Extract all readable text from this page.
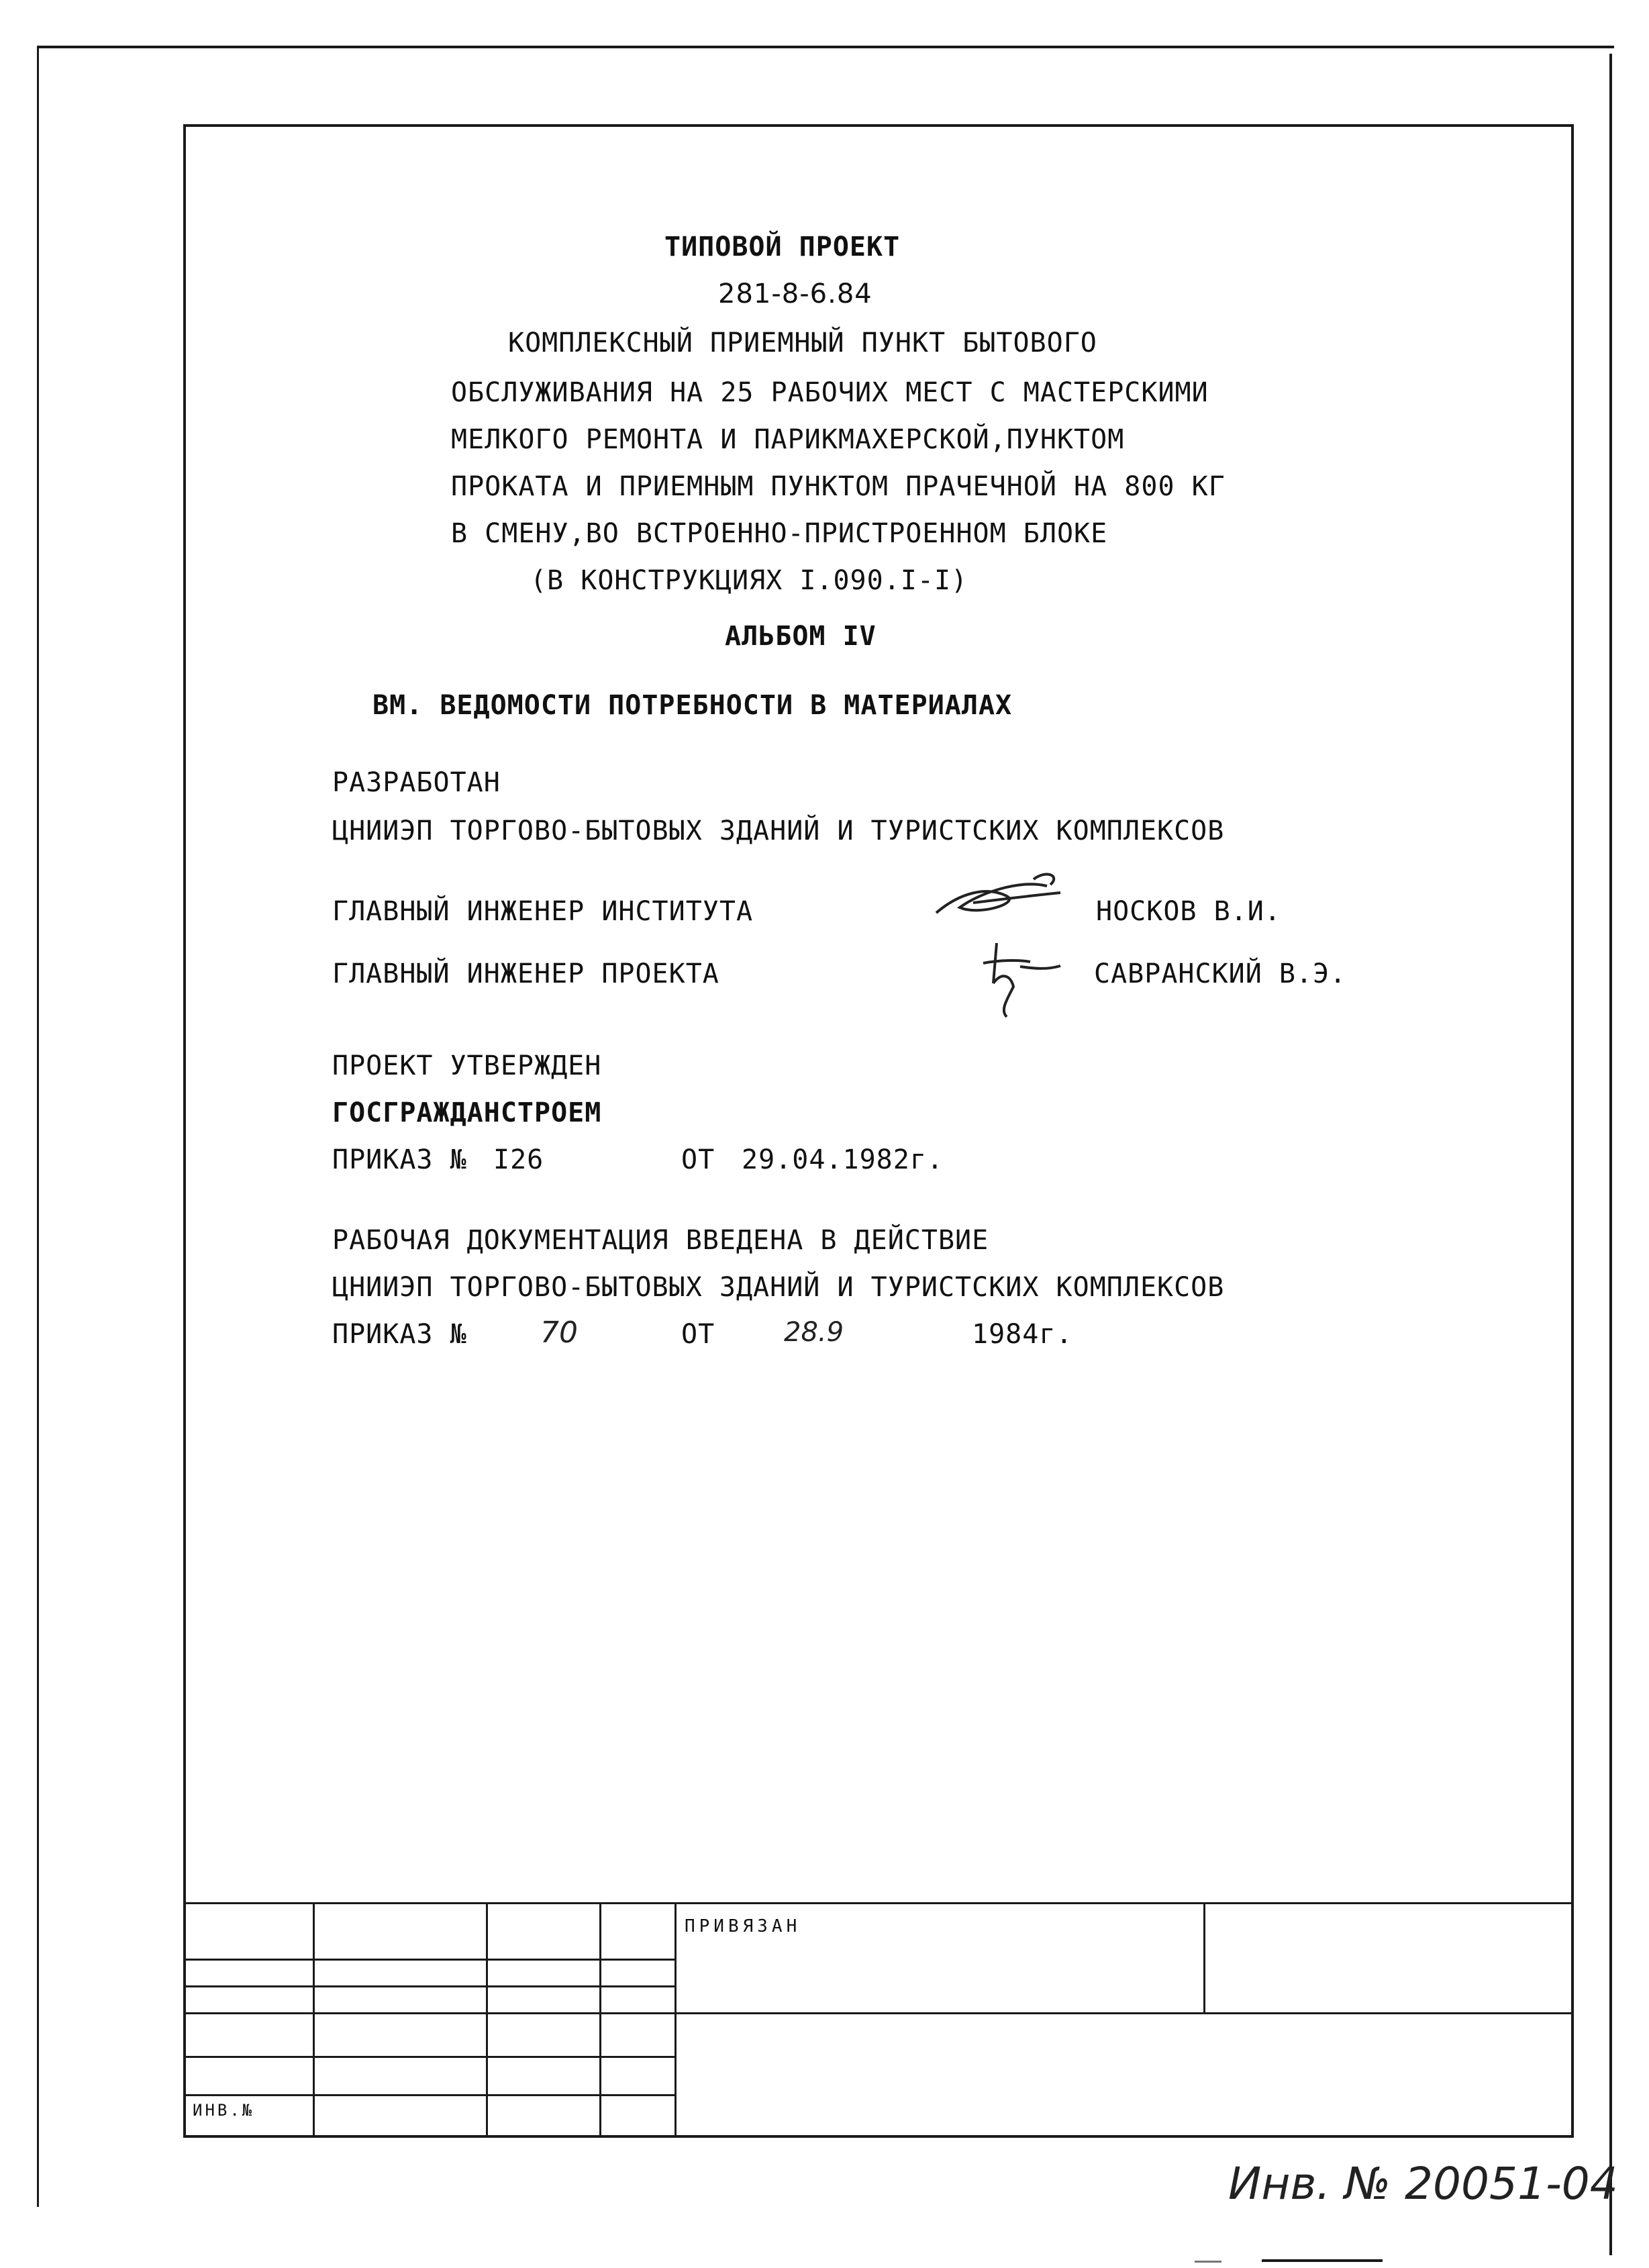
ТИПОВОЙ ПРОЕКТ
281-8-6.84
КОМПЛЕКСНЫЙ ПРИЕМНЫЙ ПУНКТ БЫТОВОГО
ОБСЛУЖИВАНИЯ НА 25 РАБОЧИХ МЕСТ С МАСТЕРСКИМИ
МЕЛКОГО РЕМОНТА И ПАРИКМАХЕРСКОЙ,ПУНКТОМ
ПРОКАТА И ПРИЕМНЫМ ПУНКТОМ ПРАЧЕЧНОЙ НА 800 КГ
В СМЕНУ,ВО ВСТРОЕННО-ПРИСТРОЕННОМ БЛОКЕ
(В КОНСТРУКЦИЯХ I.090.I-I)
АЛЬБОМ IV
ВМ. ВЕДОМОСТИ ПОТРЕБНОСТИ В МАТЕРИАЛАХ
РАЗРАБОТАН
ЦНИИЭП ТОРГОВО-БЫТОВЫХ ЗДАНИЙ И ТУРИСТСКИХ КОМПЛЕКСОВ
ГЛАВНЫЙ ИНЖЕНЕР ИНСТИТУТА	НОСКОВ В.И.
ГЛАВНЫЙ ИНЖЕНЕР ПРОЕКТА	САВРАНСКИЙ В.Э.
ПРОЕКТ УТВЕРЖДЕН
ГОСГРАЖДАНСТРОЕМ
ПРИКАЗ № I26	ОТ 29.04.1982г.
РАБОЧАЯ ДОКУМЕНТАЦИЯ ВВЕДЕНА В ДЕЙСТВИЕ
ЦНИИЭП ТОРГОВО-БЫТОВЫХ ЗДАНИЙ И ТУРИСТСКИХ КОМПЛЕКСОВ
ПРИКАЗ № 70	ОТ	28.9	1984г.
ПРИВЯЗАН
ИНВ.№
Инв. № 20051-04
